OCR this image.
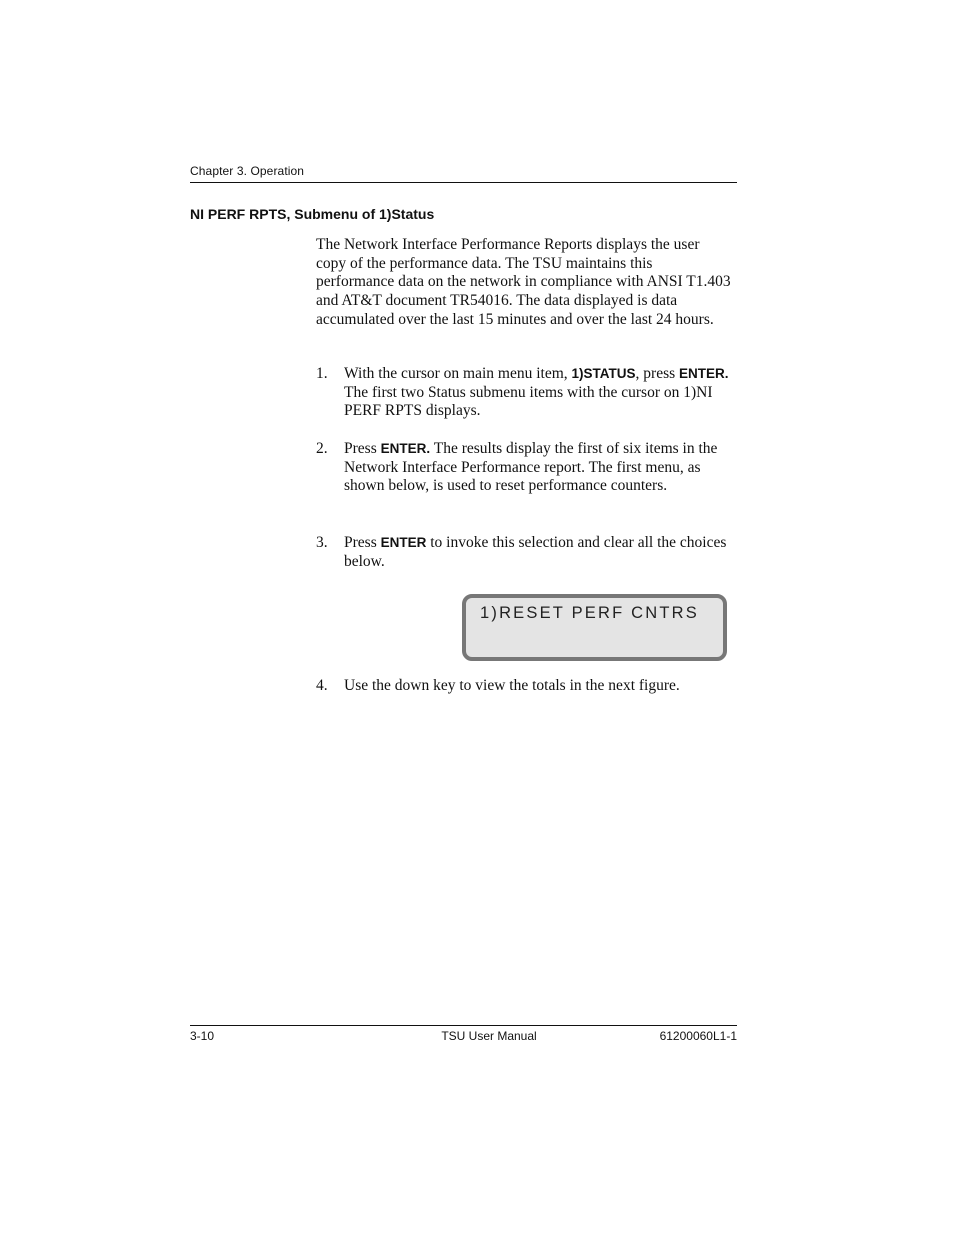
Chapter 3. Operation
NI PERF RPTS, Submenu of 1)Status
The Network Interface Performance Reports displays the user copy of the performance data. The TSU maintains this performance data on the network in compliance with ANSI T1.403 and AT&T document TR54016. The data displayed is data accumulated over the last 15 minutes and over the last 24 hours.
1. With the cursor on main menu item, 1)STATUS, press ENTER. The first two Status submenu items with the cursor on 1)NI PERF RPTS displays.
2. Press ENTER. The results display the first of six items in the Network Interface Performance report. The first menu, as shown below, is used to reset performance counters.
3. Press ENTER to invoke this selection and clear all the choices below.
1)RESET PERF CNTRS
4. Use the down key to view the totals in the next figure.
3-10	TSU User Manual	61200060L1-1
